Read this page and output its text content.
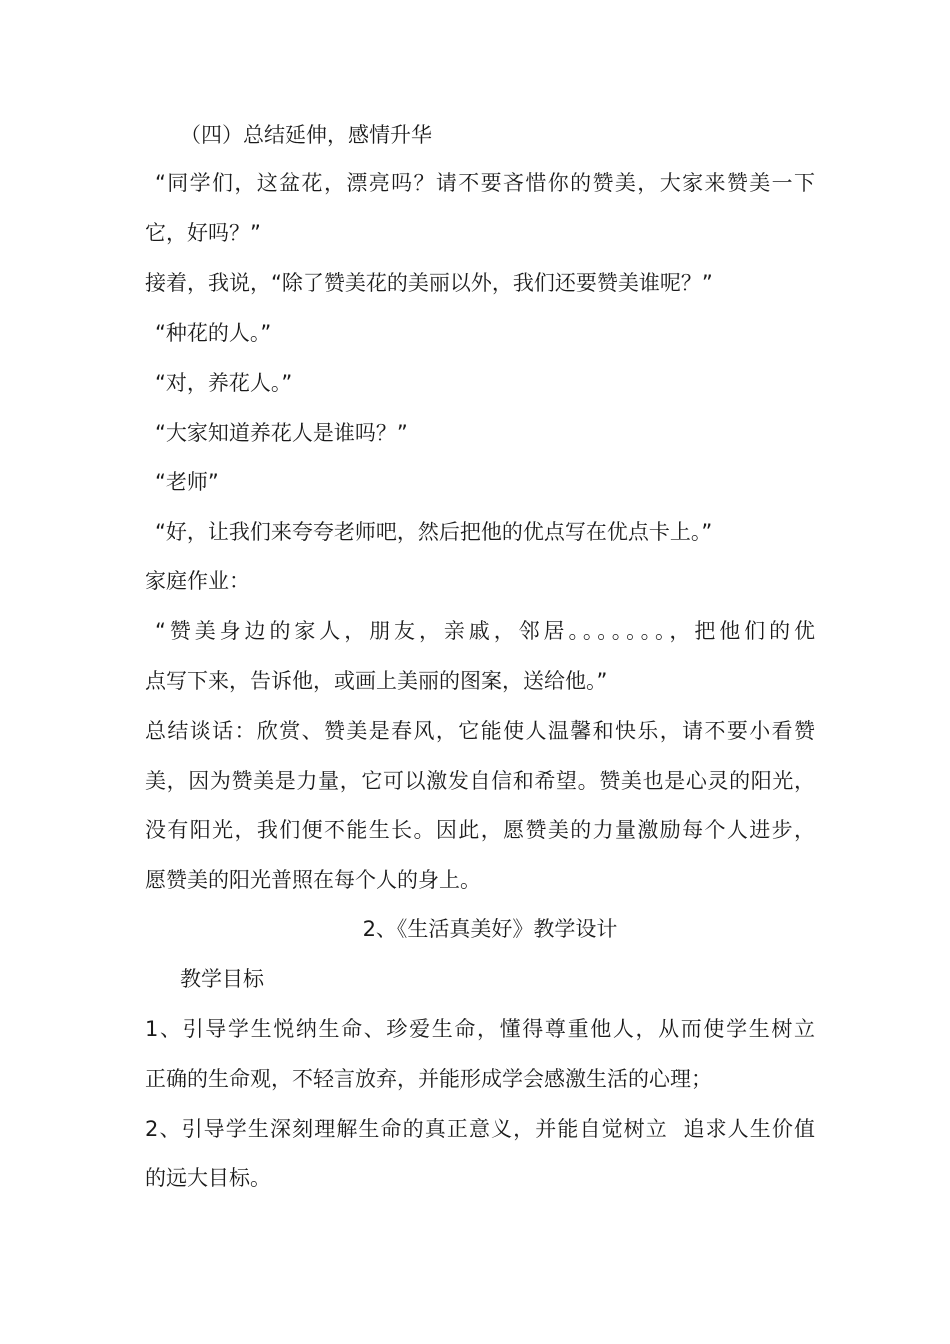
（四）总结延伸，感情升华
“同学们，这盆花，漂亮吗？请不要吝惜你的赞美，大家来赞美一下
它，好吗？”
接着，我说，“除了赞美花的美丽以外，我们还要赞美谁呢？”
“种花的人。”
“对，养花人。”
“大家知道养花人是谁吗？”
“老师”
“好，让我们来夸夸老师吧，然后把他的优点写在优点卡上。”
家庭作业：
“赞美身边的家人，朋友，亲戚，邻居。。。。。。。，把他们的优
点写下来，告诉他，或画上美丽的图案，送给他。”
总结谈话：欣赏、赞美是春风，它能使人温馨和快乐，请不要小看赞
美，因为赞美是力量，它可以激发自信和希望。赞美也是心灵的阳光，
没有阳光，我们便不能生长。因此，愿赞美的力量激励每个人进步，
愿赞美的阳光普照在每个人的身上。
2、《生活真美好》教学设计
教学目标
1、引导学生悦纳生命、珍爱生命，懂得尊重他人，从而使学生树立
正确的生命观，不轻言放弃，并能形成学会感激生活的心理；
2、引导学生深刻理解生命的真正意义，并能自觉树立  追求人生价值
的远大目标。
